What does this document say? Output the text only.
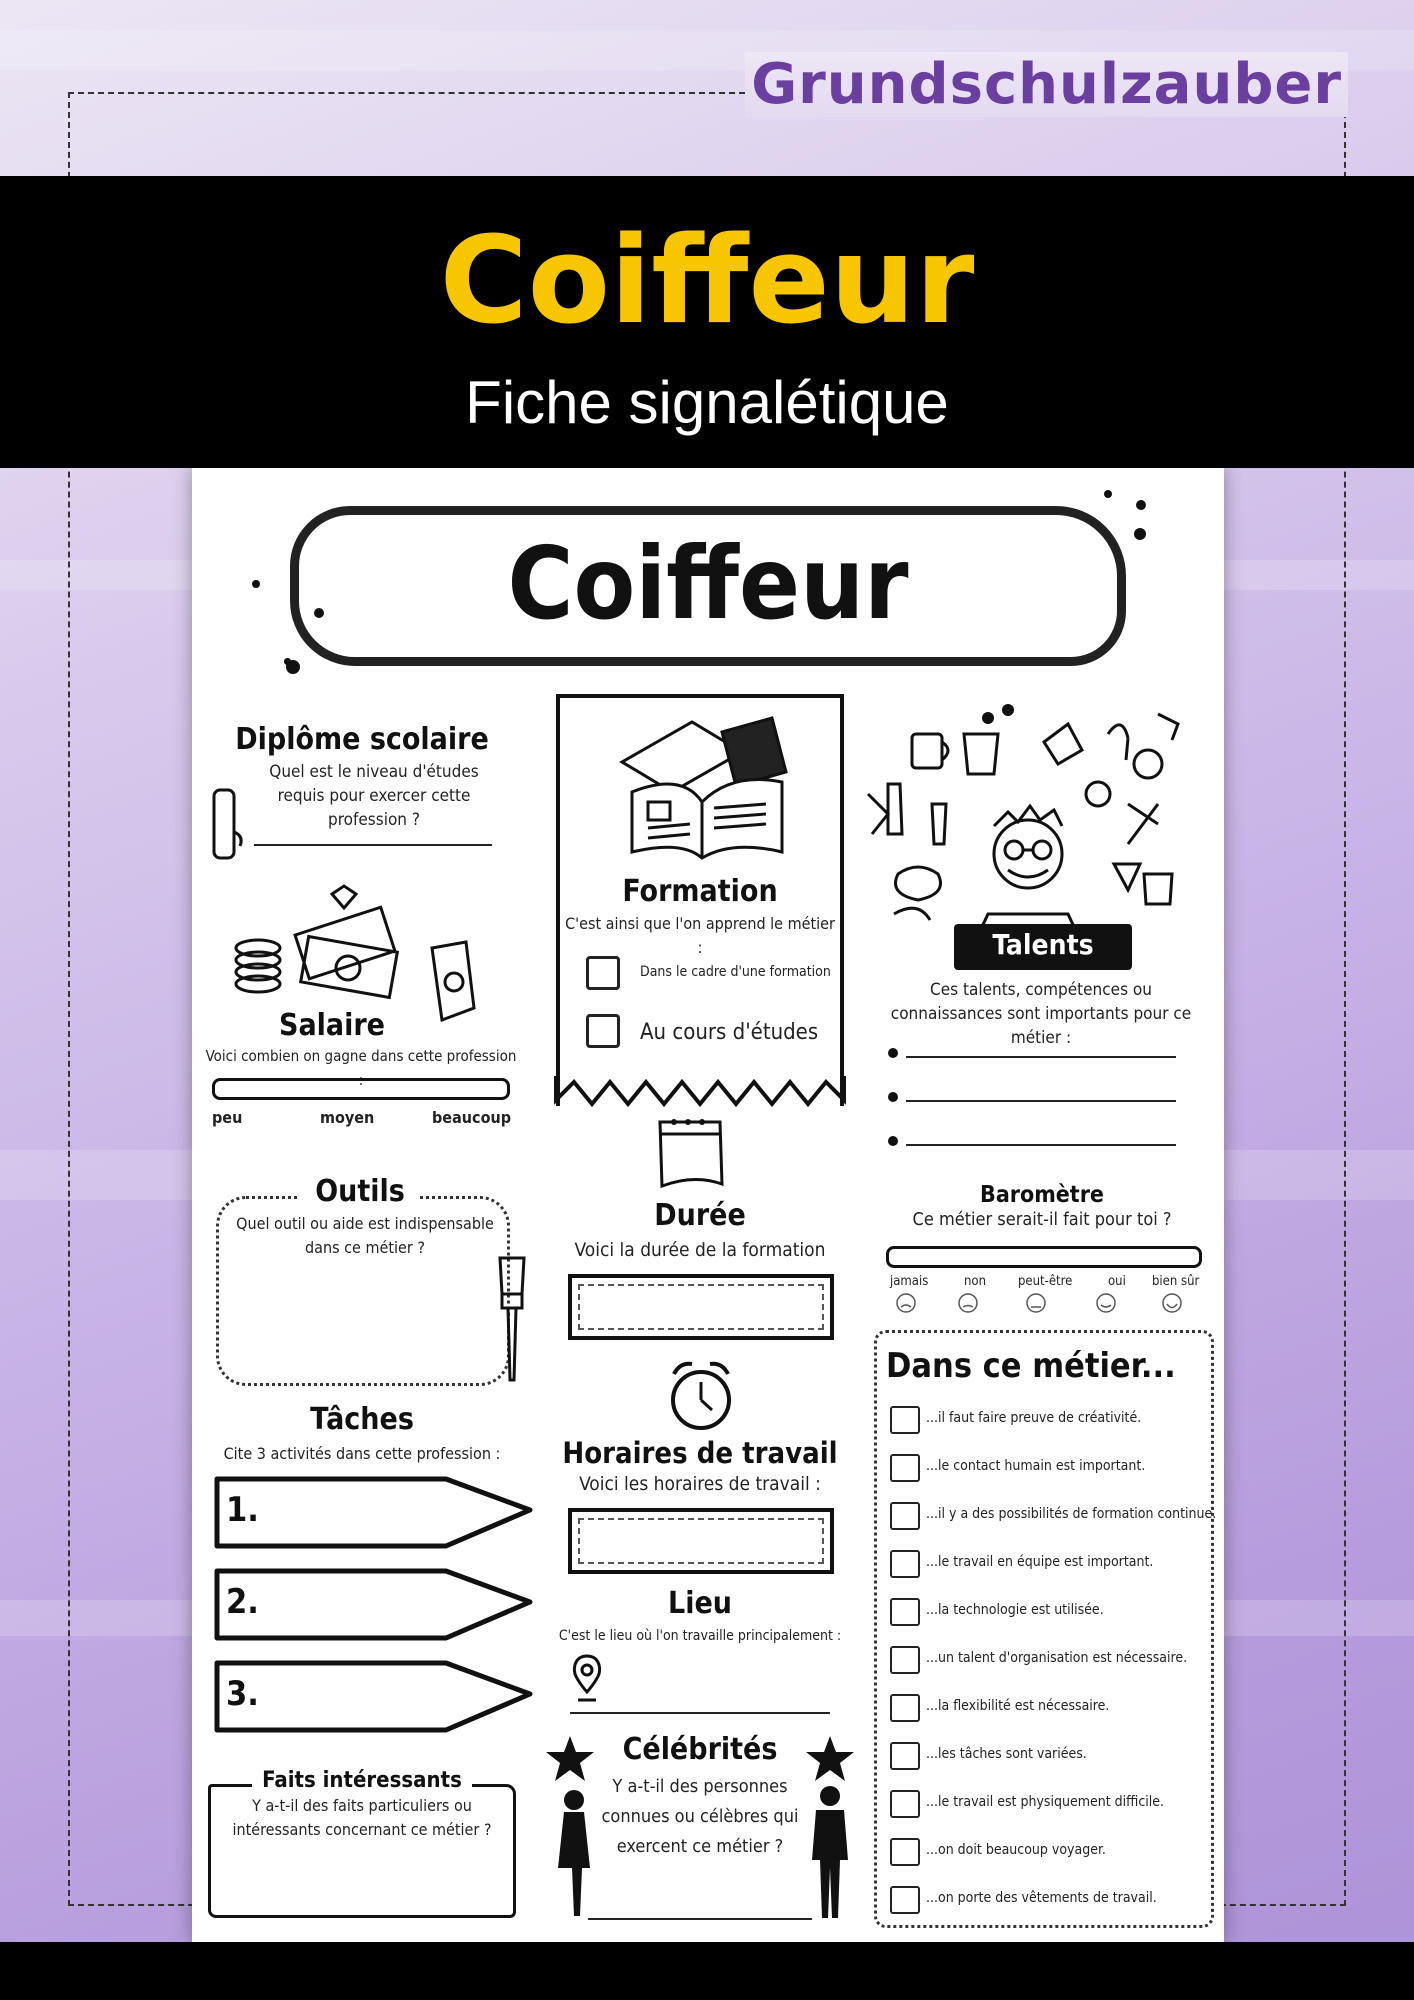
Grundschulzauber
Coiffeur
Fiche signalétique
Coiffeur
Diplôme scolaire
Quel est le niveau d'études requis pour exercer cette profession ?
Salaire
Voici combien on gagne dans cette profession :
peu	moyen	beaucoup
Outils
Quel outil ou aide est indispensable dans ce métier ?
Tâches
Cite 3 activités dans cette profession :
1.
2.
3.
Faits intéressants
Y a-t-il des faits particuliers ou intéressants concernant ce métier ?
Formation
C'est ainsi que l'on apprend le métier :
Dans le cadre d'une formation
Au cours d'études
Durée
Voici la durée de la formation
Horaires de travail
Voici les horaires de travail :
Lieu
C'est le lieu où l'on travaille principalement :
Célébrités
Y a-t-il des personnes connues ou célèbres qui exercent ce métier ?
Talents
Ces talents, compétences ou connaissances sont importants pour ce métier :
Baromètre
Ce métier serait-il fait pour toi ?
jamais	non peut-être	oui bien sûr
Dans ce métier...
...il faut faire preuve de créativité.
...le contact humain est important.
...il y a des possibilités de formation continue.
...le travail en équipe est important.
...la technologie est utilisée.
...un talent d'organisation est nécessaire.
...la flexibilité est nécessaire.
...les tâches sont variées.
...le travail est physiquement difficile.
...on doit beaucoup voyager.
...on porte des vêtements de travail.
